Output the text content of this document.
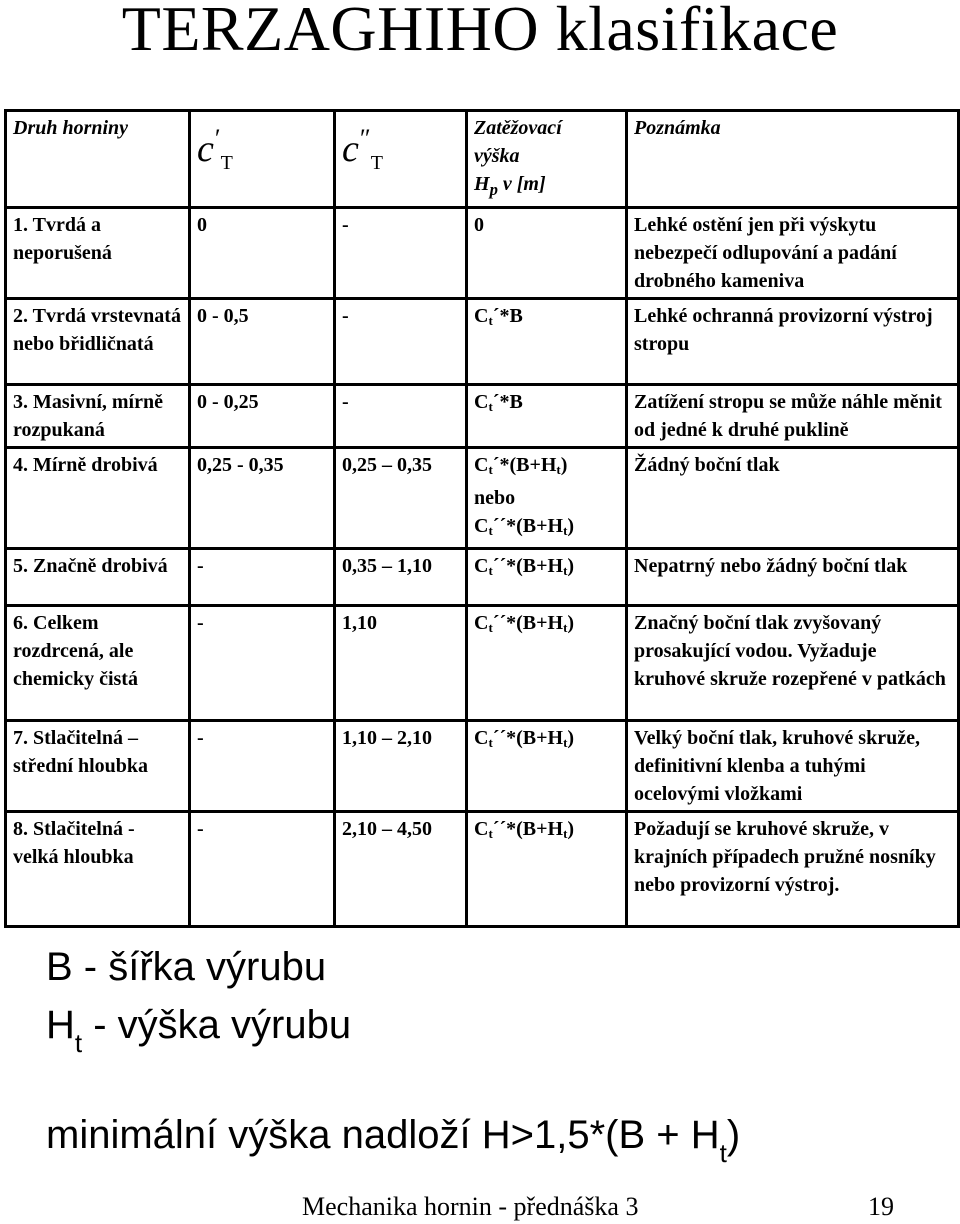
TERZAGHIHO klasifikace
Druh horniny	$c'_T$	$c''_T$	Zatěžovací
výška
$H_p$ v [m]	Poznámka
1. Tvrdá a neporušená	0	-	0	Lehké ostění jen při výskytu nebezpečí odlupování a padání drobného kameniva
2. Tvrdá vrstevnatá nebo břidličnatá	0 - 0,5	-	$C_t´*B$	Lehké ochranná provizorní výstroj stropu
3. Masivní, mírně rozpukaná	0 - 0,25	-	$C_t´*B$	Zatížení stropu se může náhle měnit od jedné k druhé puklině
4. Mírně drobivá	0,25 - 0,35	0,25 – 0,35	$C_t´*(B+H_t)$
nebo
$C_t´´*(B+H_t)$	Žádný boční tlak
5. Značně drobivá	-	0,35 – 1,10	$C_t´´*(B+H_t)$	Nepatrný nebo žádný boční tlak
6. Celkem rozdrcená, ale chemicky čistá	-	1,10	$C_t´´*(B+H_t)$	Značný boční tlak zvyšovaný prosakující vodou. Vyžaduje kruhové skruže rozepřené v patkách
7. Stlačitelná – střední hloubka	-	1,10 – 2,10	$C_t´´*(B+H_t)$	Velký boční tlak, kruhové skruže, definitivní klenba a tuhými ocelovými vložkami
8. Stlačitelná - velká hloubka	-	2,10 – 4,50	$C_t´´*(B+H_t)$	Požadují se kruhové skruže, v krajních případech pružné nosníky nebo provizorní výstroj.
B - šířka výrubu
$H_t$ - výška výrubu
minimální výška nadloží $H>1,5*(B + H_t)$
Mechanika hornin - přednáška 3	19
